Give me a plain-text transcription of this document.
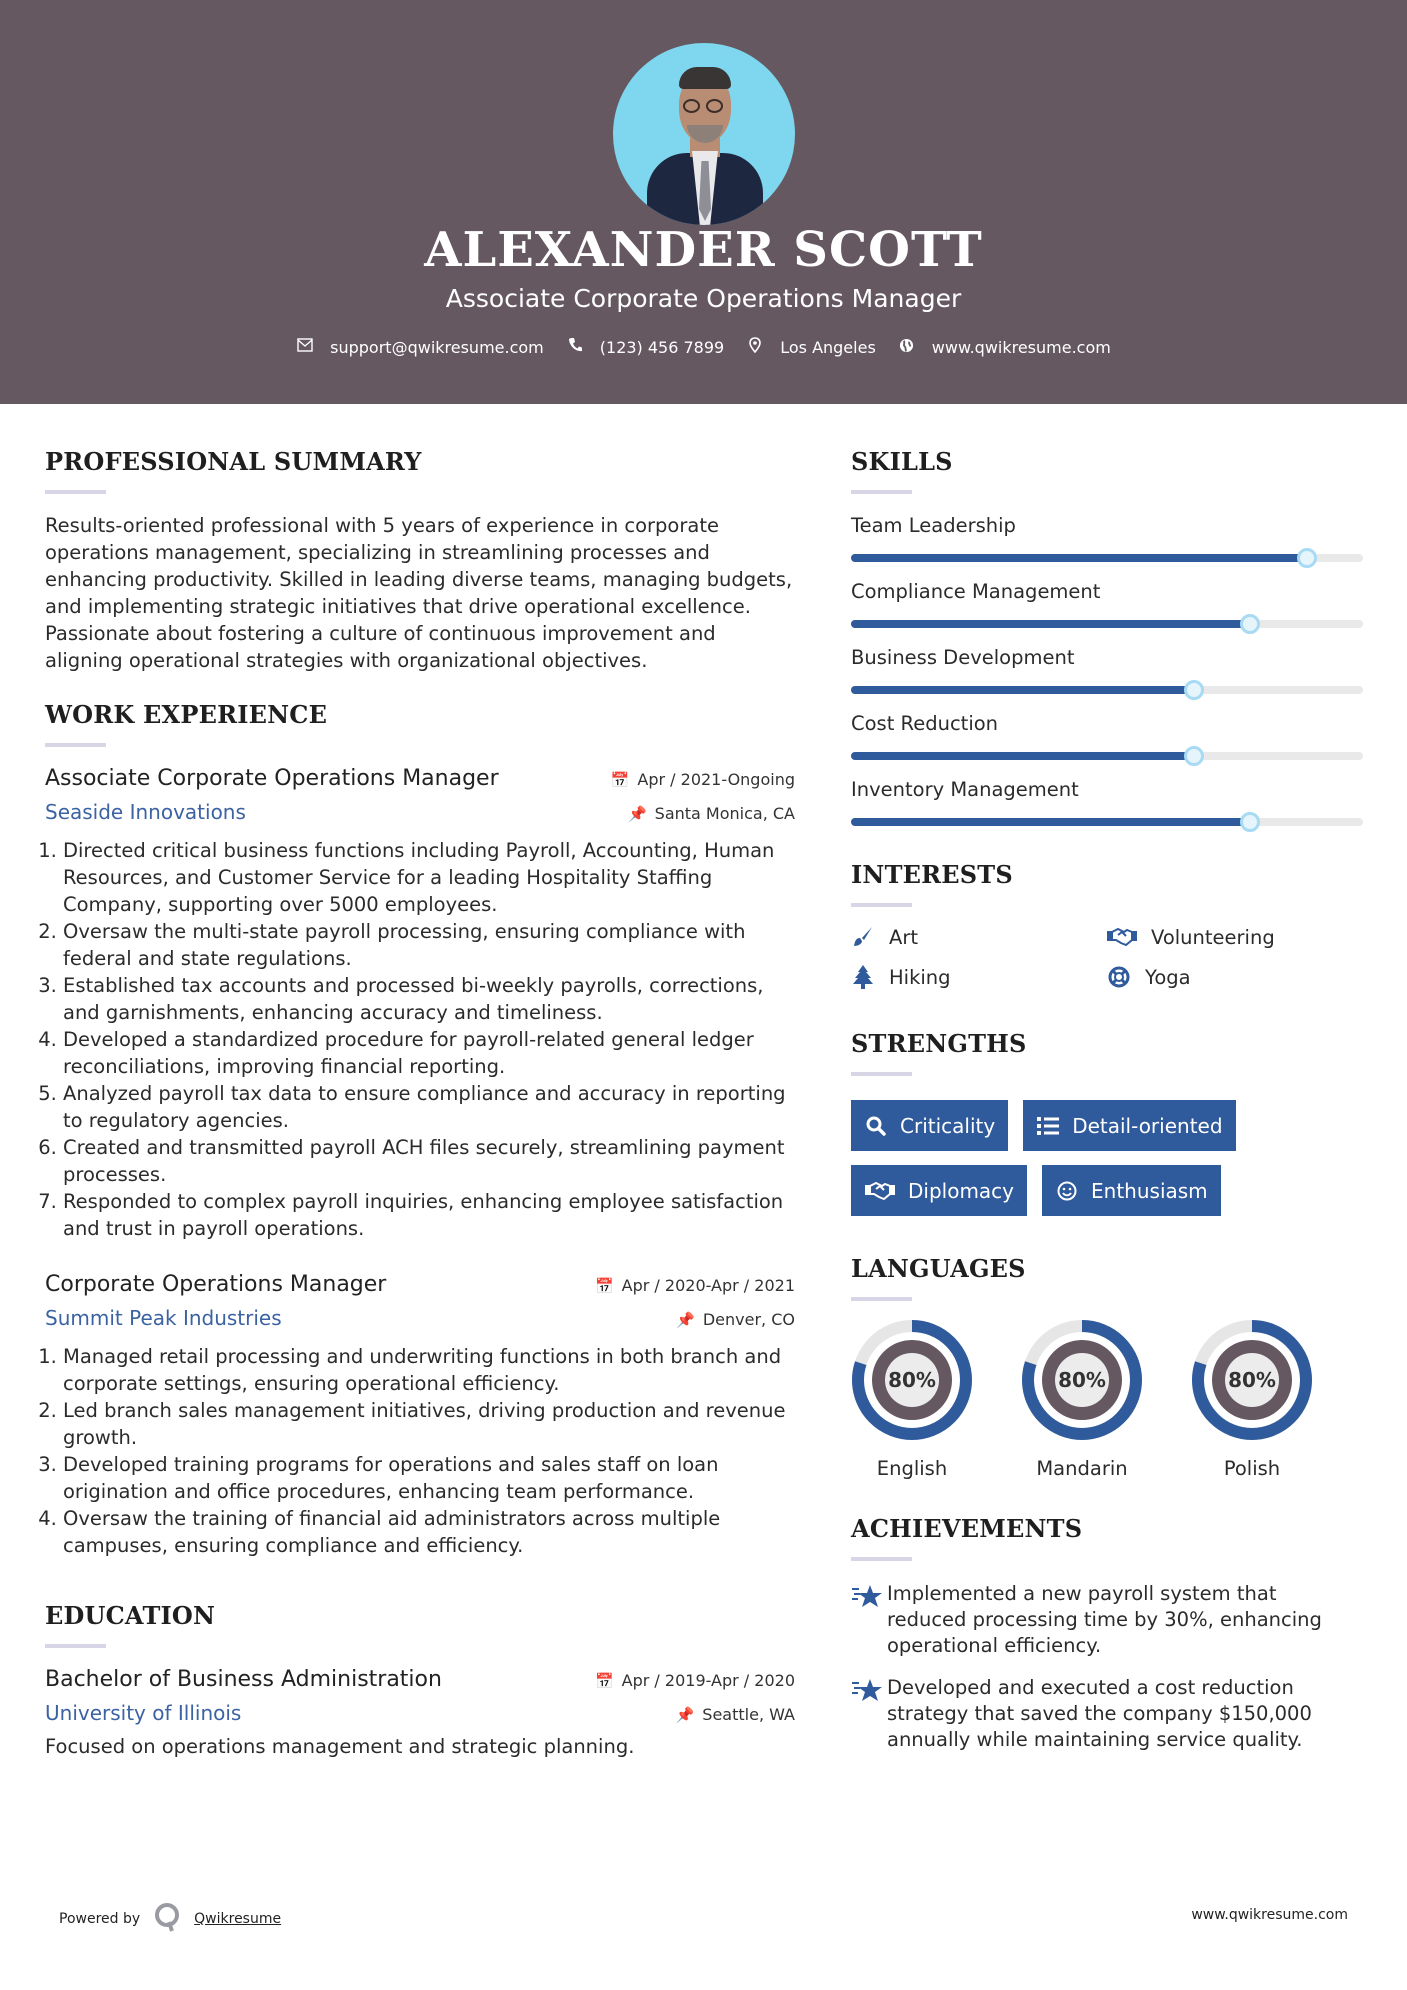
ALEXANDER SCOTT
Associate Corporate Operations Manager
support@qwikresume.com	(123) 456 7899	Los Angeles	www.qwikresume.com
PROFESSIONAL SUMMARY

Results-oriented professional with 5 years of experience in corporate operations management, specializing in streamlining processes and enhancing productivity. Skilled in leading diverse teams, managing budgets, and implementing strategic initiatives that drive operational excellence. Passionate about fostering a culture of continuous improvement and aligning operational strategies with organizational objectives.

WORK EXPERIENCE
Associate Corporate Operations Manager	📅 Apr / 2021-Ongoing
Seaside Innovations	📌 Santa Monica, CA
1. Directed critical business functions including Payroll, Accounting, Human Resources, and Customer Service for a leading Hospitality Staffing Company, supporting over 5000 employees.
2. Oversaw the multi-state payroll processing, ensuring compliance with federal and state regulations.
3. Established tax accounts and processed bi-weekly payrolls, corrections, and garnishments, enhancing accuracy and timeliness.
4. Developed a standardized procedure for payroll-related general ledger reconciliations, improving financial reporting.
5. Analyzed payroll tax data to ensure compliance and accuracy in reporting to regulatory agencies.
6. Created and transmitted payroll ACH files securely, streamlining payment processes.
7. Responded to complex payroll inquiries, enhancing employee satisfaction and trust in payroll operations.
Corporate Operations Manager	📅 Apr / 2020-Apr / 2021
Summit Peak Industries	📌 Denver, CO
1. Managed retail processing and underwriting functions in both branch and corporate settings, ensuring operational efficiency.
2. Led branch sales management initiatives, driving production and revenue growth.
3. Developed training programs for operations and sales staff on loan origination and office procedures, enhancing team performance.
4. Oversaw the training of financial aid administrators across multiple campuses, ensuring compliance and efficiency.
EDUCATION
Bachelor of Business Administration	📅 Apr / 2019-Apr / 2020
University of Illinois	📌 Seattle, WA

Focused on operations management and strategic planning.

SKILLS
Team Leadership
Compliance Management
Business Development
Cost Reduction
Inventory Management
INTERESTS
Art	Volunteering
Hiking	Yoga
STRENGTHS
Criticality	Detail-oriented
Diplomacy	Enthusiasm
LANGUAGES
80%
English
80%
Mandarin
80%
Polish
ACHIEVEMENTS
Implemented a new payroll system that reduced processing time by 30%, enhancing operational efficiency.
Developed and executed a cost reduction strategy that saved the company $150,000 annually while maintaining service quality.
Powered by	Qwikresume	www.qwikresume.com
